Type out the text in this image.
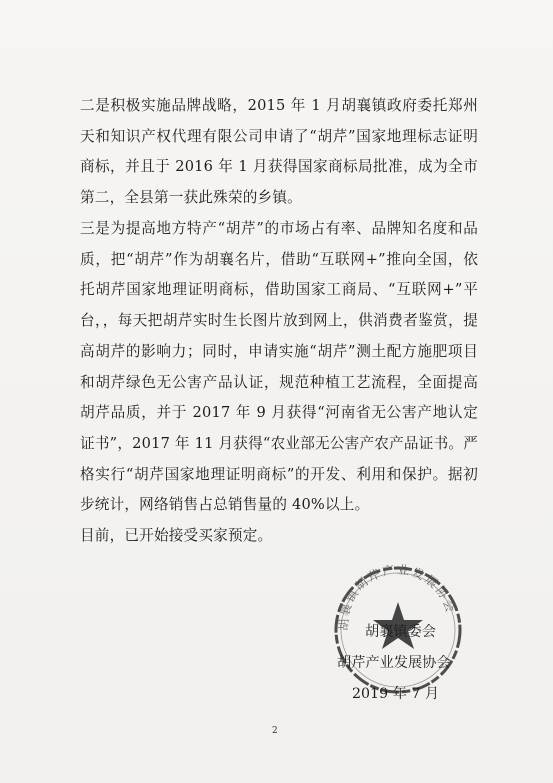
二是积极实施品牌战略，2015 年 1 月胡襄镇政府委托郑州天和知识产权代理有限公司申请了“胡芹”国家地理标志证明商标，并且于 2016 年 1 月获得国家商标局批准，成为全市第二，全县第一获此殊荣的乡镇。

三是为提高地方特产“胡芹”的市场占有率、品牌知名度和品质，把“胡芹”作为胡襄名片，借助“互联网+”推向全国，依托胡芹国家地理证明商标，借助国家工商局、“互联网+”平台，，每天把胡芹实时生长图片放到网上，供消费者鉴赏，提高胡芹的影响力；同时，申请实施“胡芹”测土配方施肥项目和胡芹绿色无公害产品认证，规范种植工艺流程，全面提高胡芹品质，并于 2017 年 9 月获得“河南省无公害产地认定证书”，2017 年 11 月获得“农业部无公害产农产品证书。严格实行“胡芹国家地理证明商标”的开发、利用和保护。据初步统计，网络销售占总销售量的 40%以上。
目前，已开始接受买家预定。

胡襄镇胡芹产业发展协会
胡襄镇委会
胡芹产业发展协会
2019 年 7 月
2
